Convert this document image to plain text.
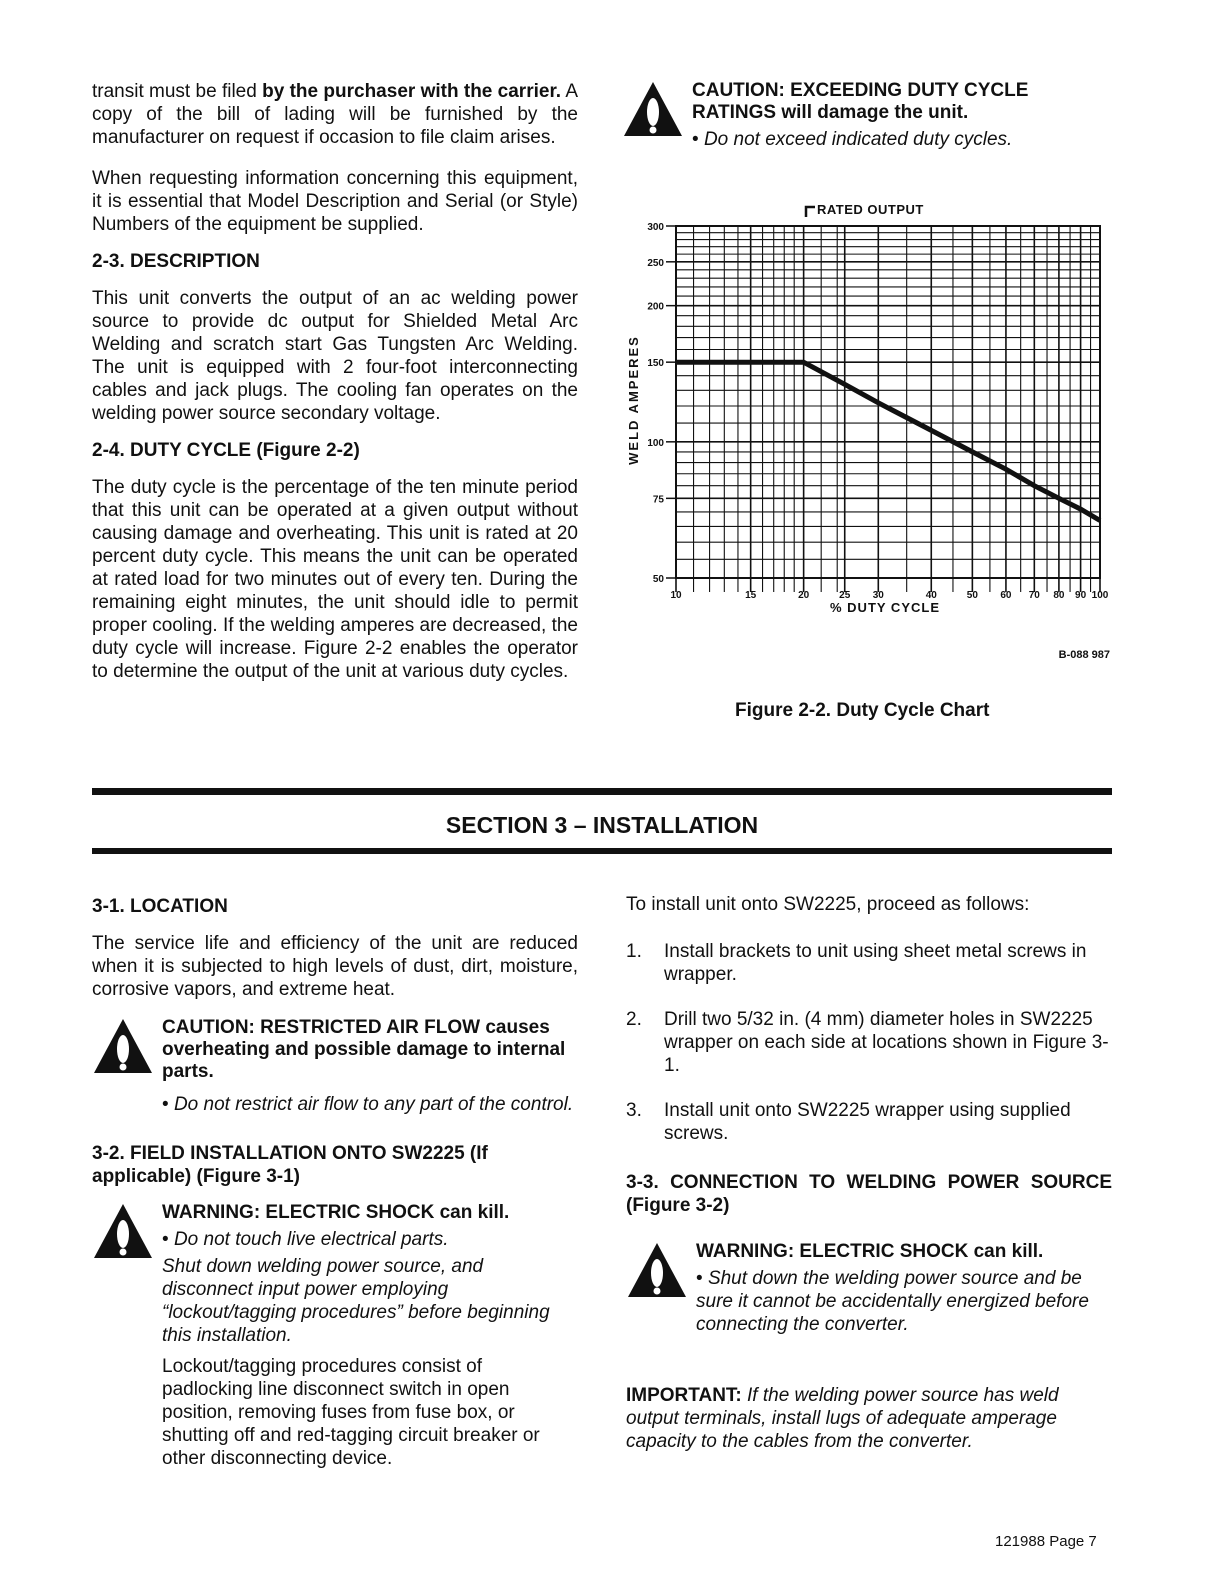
transit must be filed by the purchaser with the carrier. A copy of the bill of lading will be furnished by the manufacturer on request if occasion to file claim arises.

When requesting information concerning this equipment, it is essential that Model Description and Serial (or Style) Numbers of the equipment be supplied.

2-3. DESCRIPTION

This unit converts the output of an ac welding power source to provide dc output for Shielded Metal Arc Welding and scratch start Gas Tungsten Arc Welding. The unit is equipped with 2 four-foot interconnecting cables and jack plugs. The cooling fan operates on the welding power source secondary voltage.

2-4. DUTY CYCLE (Figure 2-2)

The duty cycle is the percentage of the ten minute period that this unit can be operated at a given output without causing damage and overheating. This unit is rated at 20 percent duty cycle. This means the unit can be operated at rated load for two minutes out of every ten. During the remaining eight minutes, the unit should idle to permit proper cooling. If the welding amperes are decreased, the duty cycle will increase. Figure 2-2 enables the operator to determine the output of the unit at various duty cycles.

CAUTION: EXCEEDING DUTY CYCLE RATINGS will damage the unit.
• Do not exceed indicated duty cycles.
50
75
100
150
200
250
300
10	15	20	25 30	40	50 60 70 80 90 100
WELD AMPERES
% DUTY CYCLE
RATED OUTPUT
B-088 987
Figure 2-2. Duty Cycle Chart
SECTION 3 – INSTALLATION
3-1. LOCATION

The service life and efficiency of the unit are reduced when it is subjected to high levels of dust, dirt, moisture, corrosive vapors, and extreme heat.

CAUTION: RESTRICTED AIR FLOW causes overheating and possible damage to internal parts.
• Do not restrict air flow to any part of the control.
3-2. FIELD INSTALLATION ONTO SW2225 (If applicable) (Figure 3-1)
WARNING: ELECTRIC SHOCK can kill.
• Do not touch live electrical parts.
Shut down welding power source, and disconnect input power employing “lockout/tagging procedures” before beginning this installation.
Lockout/tagging procedures consist of padlocking line disconnect switch in open position, removing fuses from fuse box, or shutting off and red-tagging circuit breaker or other disconnecting device.

To install unit onto SW2225, proceed as follows:

1. Install brackets to unit using sheet metal screws in wrapper.
2. Drill two 5/32 in. (4 mm) diameter holes in SW2225 wrapper on each side at locations shown in Figure 3-1.
3. Install unit onto SW2225 wrapper using supplied screws.
3-3. CONNECTION TO WELDING POWER SOURCE (Figure 3-2)
WARNING: ELECTRIC SHOCK can kill.
• Shut down the welding power source and be sure it cannot be accidentally energized before connecting the converter.

IMPORTANT: If the welding power source has weld output terminals, install lugs of adequate amperage capacity to the cables from the converter.

121988 Page 7
